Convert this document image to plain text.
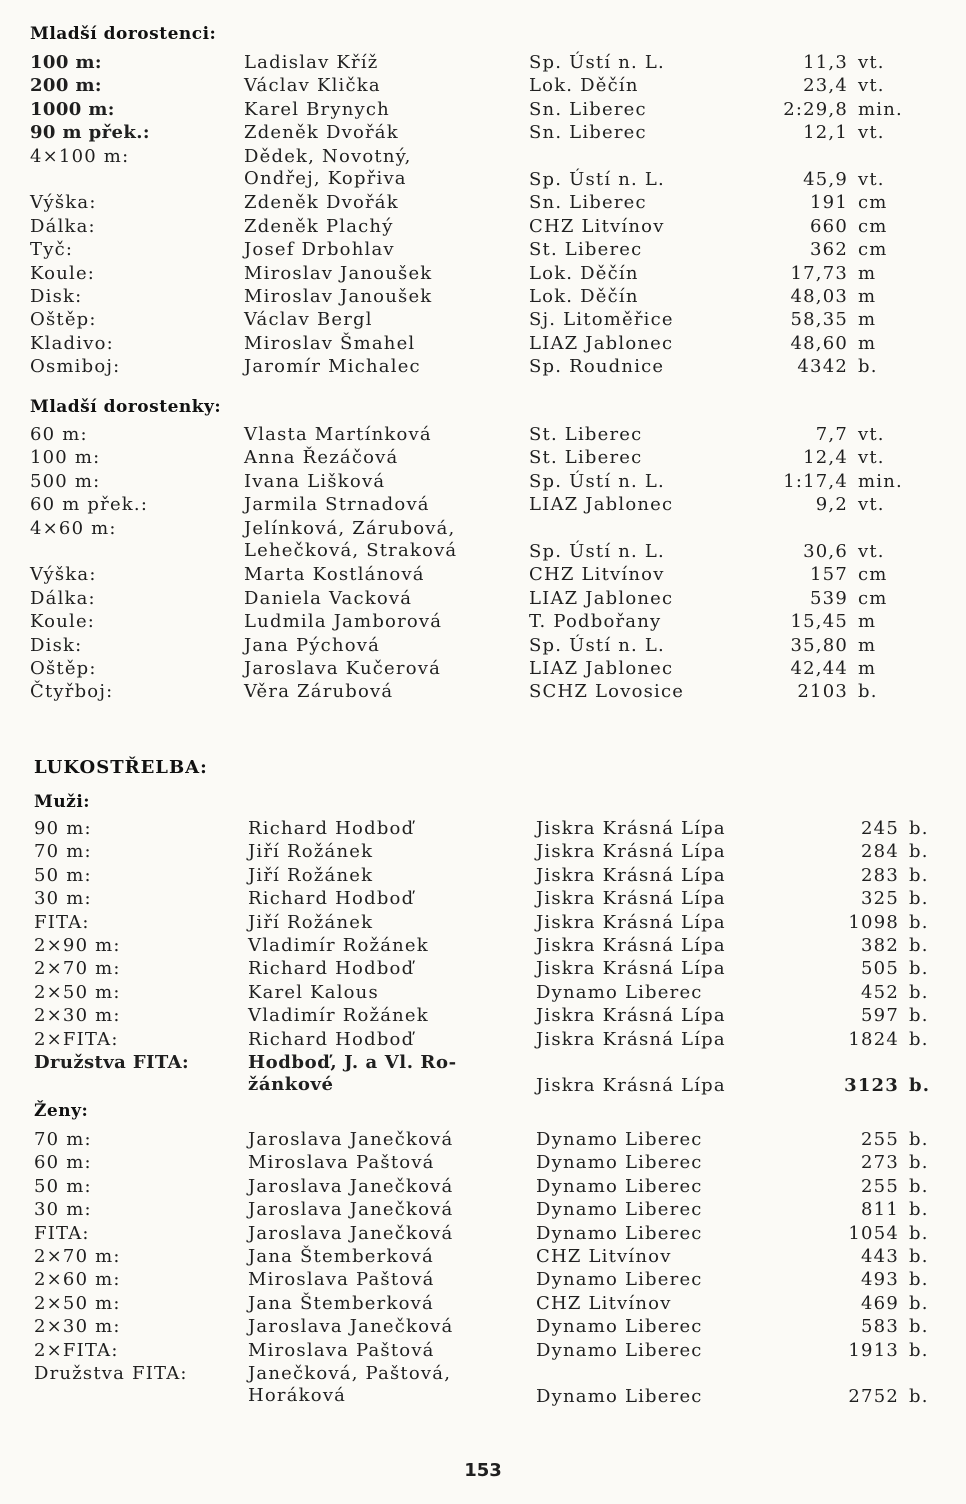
Mladší dorostenci:
100 m:	Ladislav Kříž	Sp. Ústí n. L.	11,3 vt.
200 m:	Václav Klička	Lok. Děčín	23,4 vt.
1000 m:	Karel Brynych	Sn. Liberec	2:29,8 min.
90 m přek.:	Zdeněk Dvořák	Sn. Liberec	12,1 vt.
4×100 m:	Dědek, Novotný,
Ondřej, Kopřiva	Sp. Ústí n. L.	45,9 vt.
Výška:	Zdeněk Dvořák	Sn. Liberec	191 cm
Dálka:	Zdeněk Plachý	CHZ Litvínov	660 cm
Tyč:	Josef Drbohlav	St. Liberec	362 cm
Koule:	Miroslav Janoušek	Lok. Děčín	17,73 m
Disk:	Miroslav Janoušek	Lok. Děčín	48,03 m
Oštěp:	Václav Bergl	Sj. Litoměřice	58,35 m
Kladivo:	Miroslav Šmahel	LIAZ Jablonec	48,60 m
Osmiboj:	Jaromír Michalec	Sp. Roudnice	4342 b.
Mladší dorostenky:
60 m:	Vlasta Martínková	St. Liberec	7,7 vt.
100 m:	Anna Řezáčová	St. Liberec	12,4 vt.
500 m:	Ivana Lišková	Sp. Ústí n. L.	1:17,4 min.
60 m přek.:	Jarmila Strnadová	LIAZ Jablonec	9,2 vt.
4×60 m:	Jelínková, Zárubová,
Lehečková, Straková	Sp. Ústí n. L.	30,6 vt.
Výška:	Marta Kostlánová	CHZ Litvínov	157 cm
Dálka:	Daniela Vacková	LIAZ Jablonec	539 cm
Koule:	Ludmila Jamborová	T. Podbořany	15,45 m
Disk:	Jana Pýchová	Sp. Ústí n. L.	35,80 m
Oštěp:	Jaroslava Kučerová	LIAZ Jablonec	42,44 m
Čtyřboj:	Věra Zárubová	SCHZ Lovosice	2103 b.
LUKOSTŘELBA:
Muži:
90 m:	Richard Hodboď	Jiskra Krásná Lípa	245 b.
70 m:	Jiří Rožánek	Jiskra Krásná Lípa	284 b.
50 m:	Jiří Rožánek	Jiskra Krásná Lípa	283 b.
30 m:	Richard Hodboď	Jiskra Krásná Lípa	325 b.
FITA:	Jiří Rožánek	Jiskra Krásná Lípa	1098 b.
2×90 m:	Vladimír Rožánek	Jiskra Krásná Lípa	382 b.
2×70 m:	Richard Hodboď	Jiskra Krásná Lípa	505 b.
2×50 m:	Karel Kalous	Dynamo Liberec	452 b.
2×30 m:	Vladimír Rožánek	Jiskra Krásná Lípa	597 b.
2×FITA:	Richard Hodboď	Jiskra Krásná Lípa	1824 b.
Družstva FITA:	Hodboď, J. a Vl. Ro-
žánkové	Jiskra Krásná Lípa	3123 b.
Ženy:
70 m:	Jaroslava Janečková	Dynamo Liberec	255 b.
60 m:	Miroslava Paštová	Dynamo Liberec	273 b.
50 m:	Jaroslava Janečková	Dynamo Liberec	255 b.
30 m:	Jaroslava Janečková	Dynamo Liberec	811 b.
FITA:	Jaroslava Janečková	Dynamo Liberec	1054 b.
2×70 m:	Jana Štemberková	CHZ Litvínov	443 b.
2×60 m:	Miroslava Paštová	Dynamo Liberec	493 b.
2×50 m:	Jana Štemberková	CHZ Litvínov	469 b.
2×30 m:	Jaroslava Janečková	Dynamo Liberec	583 b.
2×FITA:	Miroslava Paštová	Dynamo Liberec	1913 b.
Družstva FITA:	Janečková, Paštová,
Horáková	Dynamo Liberec	2752 b.
153
